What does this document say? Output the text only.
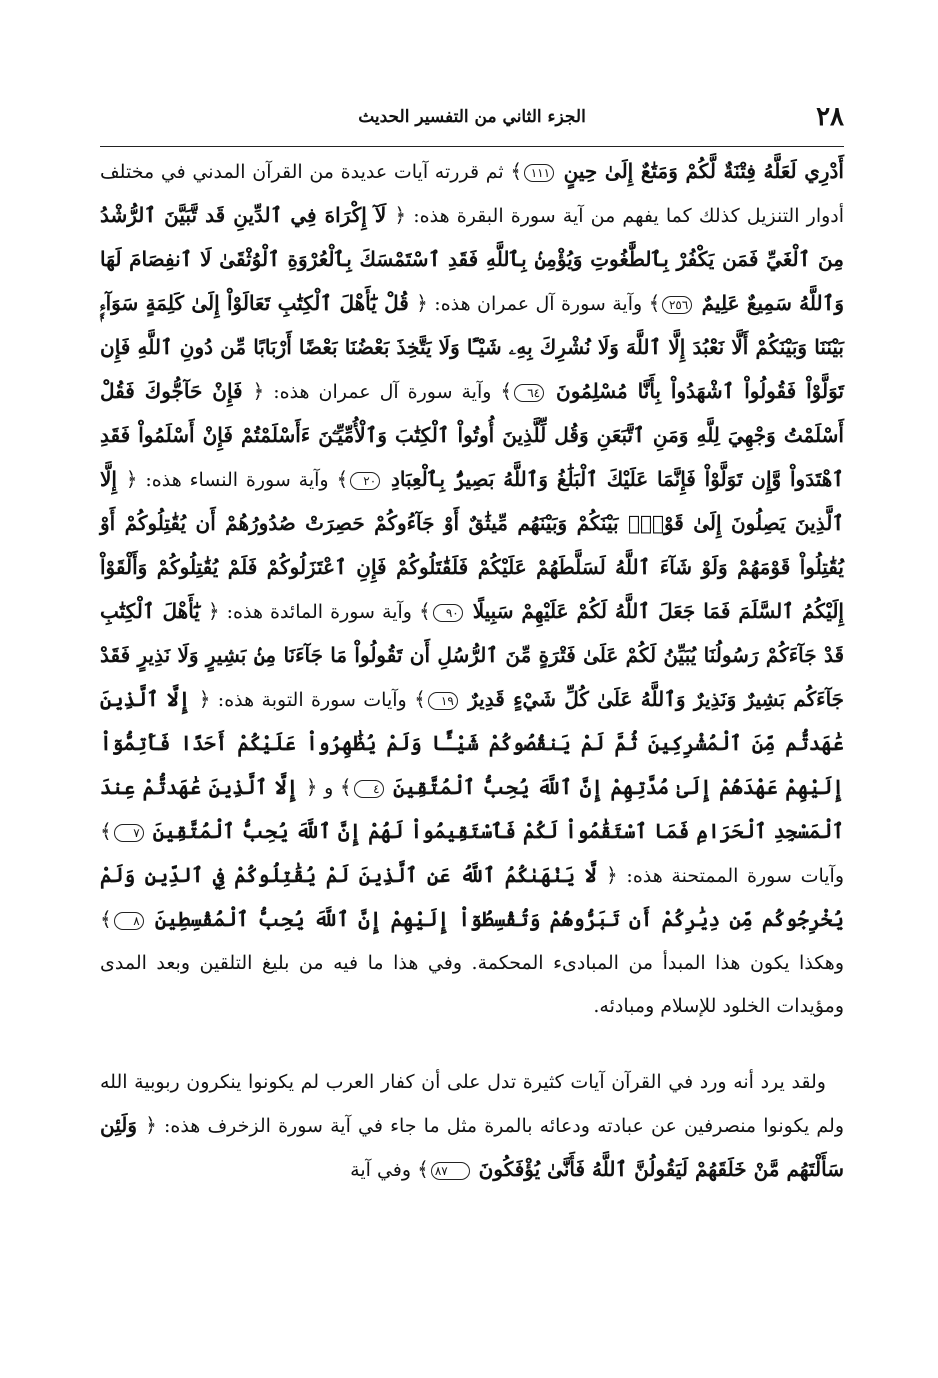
٢٨
الجزء الثاني من التفسير الحديث

أَدْرِي لَعَلَّهُ فِتْنَةٌ لَّكُمْ وَمَتَٰعٌ إِلَىٰ حِينٍ ١١١﴾ ثم قررته آيات عديدة من القرآن المدني في مختلف أدوار التنزيل كذلك كما يفهم من آية سورة البقرة هذه: ﴿ لَآ إِكْرَاهَ فِي ٱلدِّينِ قَد تَّبَيَّنَ ٱلرُّشْدُ مِنَ ٱلْغَيِّ فَمَن يَكْفُرْ بِٱلطَّٰغُوتِ وَيُؤْمِنۢ بِٱللَّهِ فَقَدِ ٱسْتَمْسَكَ بِٱلْعُرْوَةِ ٱلْوُثْقَىٰ لَا ٱنفِصَامَ لَهَا وَٱللَّهُ سَمِيعٌ عَلِيمٌ ٢٥٦﴾ وآية سورة آل عمران هذه: ﴿ قُلْ يَٰٓأَهْلَ ٱلْكِتَٰبِ تَعَالَوْاْ إِلَىٰ كَلِمَةٍ سَوَآءٍۭ بَيْنَنَا وَبَيْنَكُمْ أَلَّا نَعْبُدَ إِلَّا ٱللَّهَ وَلَا نُشْرِكَ بِهِۦ شَيْـًٔا وَلَا يَتَّخِذَ بَعْضُنَا بَعْضًا أَرْبَابًا مِّن دُونِ ٱللَّهِ فَإِن تَوَلَّوْاْ فَقُولُواْ ٱشْهَدُواْ بِأَنَّا مُسْلِمُونَ ٦٤﴾ وآية سورة آل عمران هذه: ﴿ فَإِنْ حَآجُّوكَ فَقُلْ أَسْلَمْتُ وَجْهِيَ لِلَّهِ وَمَنِ ٱتَّبَعَنِ وَقُل لِّلَّذِينَ أُوتُواْ ٱلْكِتَٰبَ وَٱلْأُمِّيِّـۧنَ ءَأَسْلَمْتُمْ فَإِنْ أَسْلَمُواْ فَقَدِ ٱهْتَدَواْ وَّإِن تَوَلَّوْاْ فَإِنَّمَا عَلَيْكَ ٱلْبَلَٰغُ وَٱللَّهُ بَصِيرٌۢ بِٱلْعِبَادِ ٢٠﴾ وآية سورة النساء هذه: ﴿ إِلَّا ٱلَّذِينَ يَصِلُونَ إِلَىٰ قَوْمٍۭ بَيْنَكُمْ وَبَيْنَهُم مِّيثَٰقٌ أَوْ جَآءُوكُمْ حَصِرَتْ صُدُورُهُمْ أَن يُقَٰتِلُوكُمْ أَوْ يُقَٰتِلُواْ قَوْمَهُمْ وَلَوْ شَآءَ ٱللَّهُ لَسَلَّطَهُمْ عَلَيْكُمْ فَلَقَٰتَلُوكُمْ فَإِنِ ٱعْتَزَلُوكُمْ فَلَمْ يُقَٰتِلُوكُمْ وَأَلْقَوْاْ إِلَيْكُمُ ٱلسَّلَمَ فَمَا جَعَلَ ٱللَّهُ لَكُمْ عَلَيْهِمْ سَبِيلًا ٩٠﴾ وآية سورة المائدة هذه: ﴿ يَٰٓأَهْلَ ٱلْكِتَٰبِ قَدْ جَآءَكُمْ رَسُولُنَا يُبَيِّنُ لَكُمْ عَلَىٰ فَتْرَةٍ مِّنَ ٱلرُّسُلِ أَن تَقُولُواْ مَا جَآءَنَا مِنۢ بَشِيرٍ وَلَا نَذِيرٍ فَقَدْ جَآءَكُم بَشِيرٌ وَنَذِيرٌ وَٱللَّهُ عَلَىٰ كُلِّ شَيْءٍ قَدِيرٌ ١٩﴾ وآيات سورة التوبة هذه: ﴿ إِلَّا ٱلَّذِينَ عَٰهَدتُّم مِّنَ ٱلْمُشْرِكِينَ ثُمَّ لَمْ يَنقُصُوكُمْ شَيْـًٔا وَلَمْ يُظَٰهِرُواْ عَلَيْكُمْ أَحَدًا فَأَتِمُّوٓاْ إِلَيْهِمْ عَهْدَهُمْ إِلَىٰ مُدَّتِهِمْ إِنَّ ٱللَّهَ يُحِبُّ ٱلْمُتَّقِينَ ٤﴾ و ﴿ إِلَّا ٱلَّذِينَ عَٰهَدتُّمْ عِندَ ٱلْمَسْجِدِ ٱلْحَرَامِ فَمَا ٱسْتَقَٰمُواْ لَكُمْ فَٱسْتَقِيمُواْ لَهُمْ إِنَّ ٱللَّهَ يُحِبُّ ٱلْمُتَّقِينَ ٧﴾ وآيات سورة الممتحنة هذه: ﴿ لَّا يَنْهَىٰكُمُ ٱللَّهُ عَنِ ٱلَّذِينَ لَمْ يُقَٰتِلُوكُمْ فِي ٱلدِّينِ وَلَمْ يُخْرِجُوكُم مِّن دِيَٰرِكُمْ أَن تَبَرُّوهُمْ وَتُقْسِطُوٓاْ إِلَيْهِمْ إِنَّ ٱللَّهَ يُحِبُّ ٱلْمُقْسِطِينَ ٨﴾ وهكذا يكون هذا المبدأ من المبادىء المحكمة. وفي هذا ما فيه من بليغ التلقين وبعد المدى ومؤيدات الخلود للإسلام ومبادئه.

ولقد يرد أنه ورد في القرآن آيات كثيرة تدل على أن كفار العرب لم يكونوا ينكرون ربوبية الله ولم يكونوا منصرفين عن عبادته ودعائه بالمرة مثل ما جاء في آية سورة الزخرف هذه: ﴿ وَلَئِن سَأَلْتَهُم مَّنْ خَلَقَهُمْ لَيَقُولُنَّ ٱللَّهُ فَأَنَّىٰ يُؤْفَكُونَ ٨٧﴾ وفي آية
